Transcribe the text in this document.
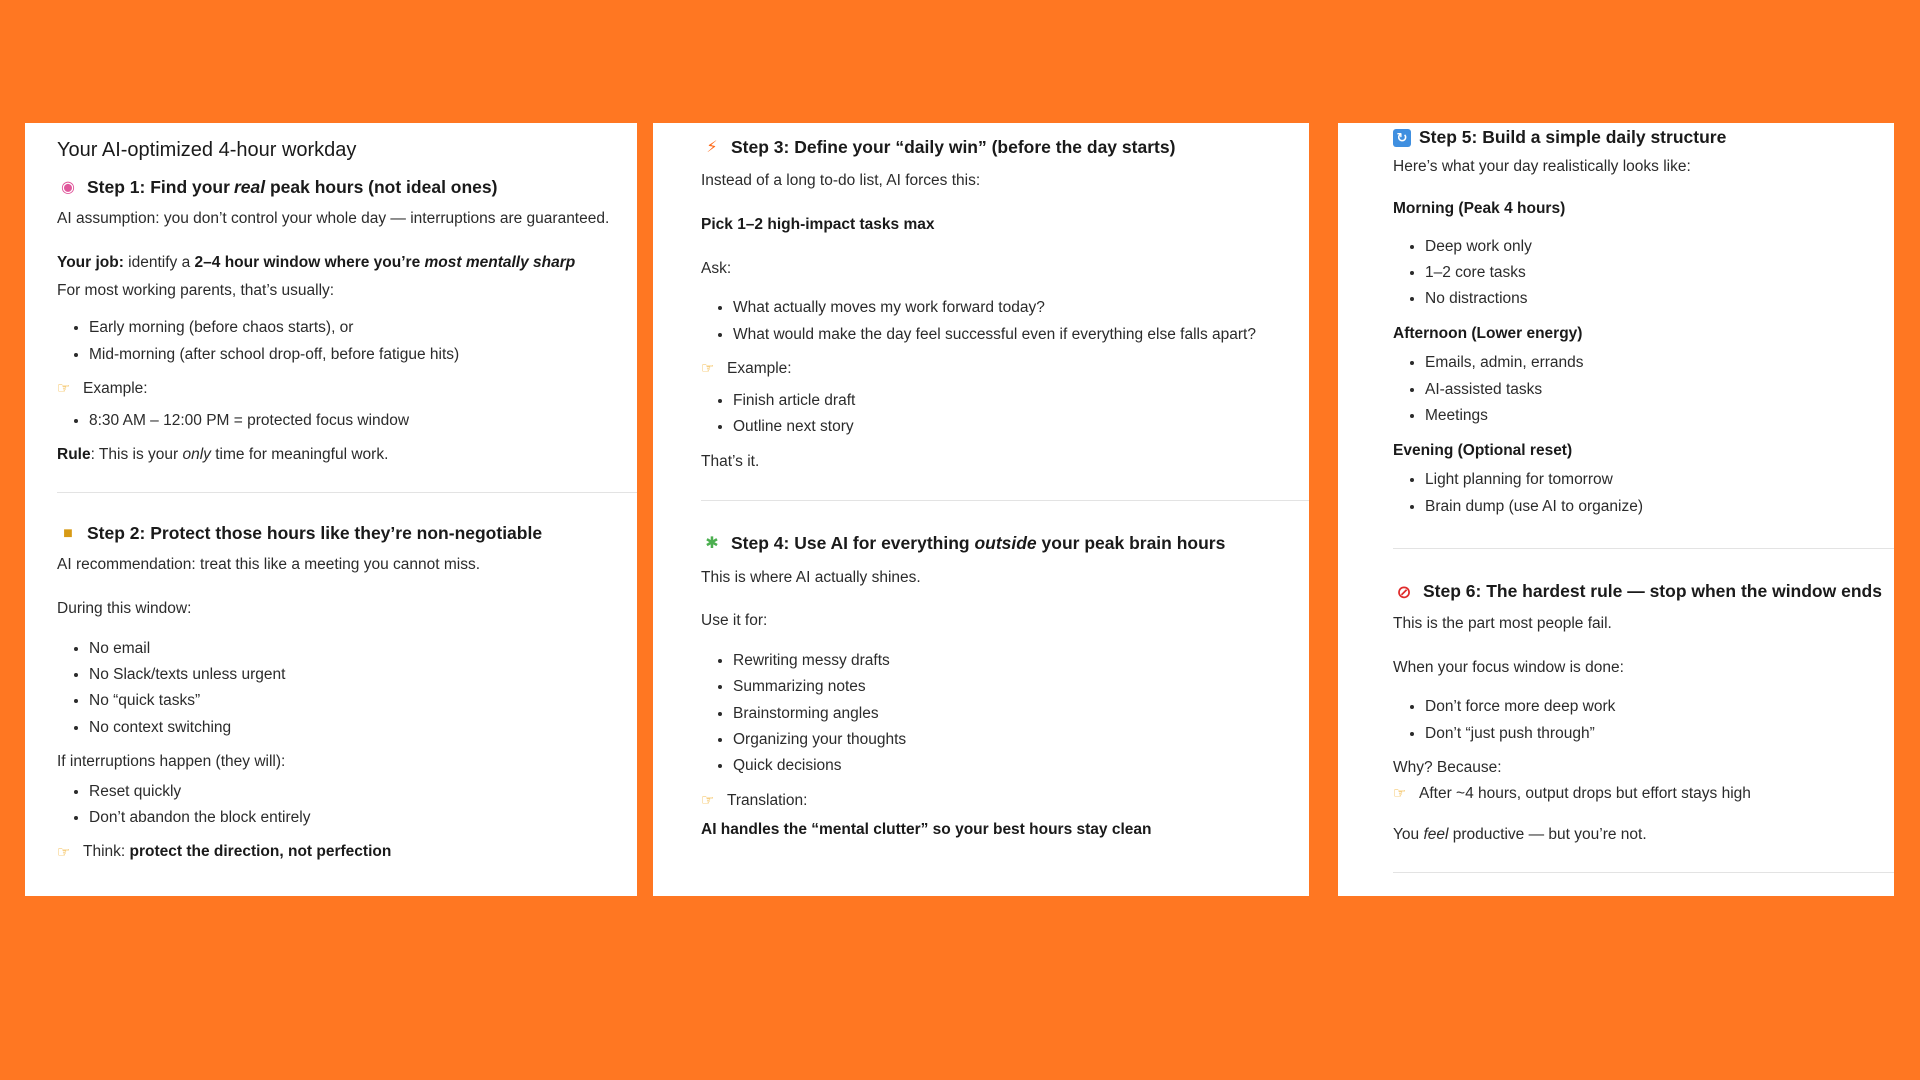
Your AI-optimized 4-hour workday
◉ Step 1: Find your real peak hours (not ideal ones)

AI assumption: you don’t control your whole day — interruptions are guaranteed.

Your job: identify a 2–4 hour window where you’re most mentally sharp

For most working parents, that’s usually:

• Early morning (before chaos starts), or
• Mid-morning (after school drop-off, before fatigue hits)
☞ Example:
• 8:30 AM – 12:00 PM = protected focus window

Rule: This is your only time for meaningful work.

■ Step 2: Protect those hours like they’re non-negotiable

AI recommendation: treat this like a meeting you cannot miss.

During this window:

• No email
• No Slack/texts unless urgent
• No “quick tasks”
• No context switching

If interruptions happen (they will):

• Reset quickly
• Don’t abandon the block entirely
☞ Think: protect the direction, not perfection
⚡ Step 3: Define your “daily win” (before the day starts)

Instead of a long to-do list, AI forces this:

Pick 1–2 high-impact tasks max

Ask:

• What actually moves my work forward today?
• What would make the day feel successful even if everything else falls apart?
☞ Example:
• Finish article draft
• Outline next story

That’s it.

✱ Step 4: Use AI for everything outside your peak brain hours

This is where AI actually shines.

Use it for:

• Rewriting messy drafts
• Summarizing notes
• Brainstorming angles
• Organizing your thoughts
• Quick decisions
☞ Translation:

AI handles the “mental clutter” so your best hours stay clean

↻ Step 5: Build a simple daily structure

Here’s what your day realistically looks like:

Morning (Peak 4 hours)

• Deep work only
• 1–2 core tasks
• No distractions

Afternoon (Lower energy)

• Emails, admin, errands
• AI-assisted tasks
• Meetings

Evening (Optional reset)

• Light planning for tomorrow
• Brain dump (use AI to organize)
⊘ Step 6: The hardest rule — stop when the window ends

This is the part most people fail.

When your focus window is done:

• Don’t force more deep work
• Don’t “just push through”

Why? Because:

☞ After ~4 hours, output drops but effort stays high

You feel productive — but you’re not.
